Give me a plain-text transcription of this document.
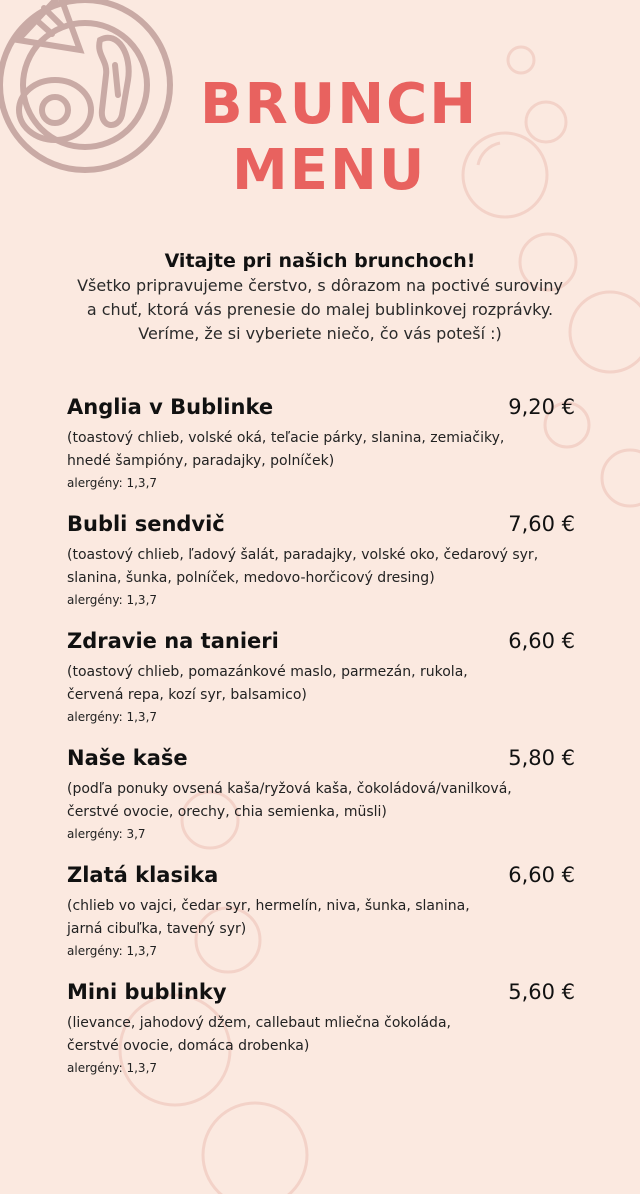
BRUNCH
MENU
Vitajte pri našich brunchoch!
Všetko pripravujeme čerstvo, s dôrazom na poctivé suroviny
a chuť, ktorá vás prenesie do malej bublinkovej rozprávky.
Veríme, že si vyberiete niečo, čo vás poteší :)
Anglia v Bublinke	9,20 €
(toastový chlieb, volské oká, teľacie párky, slanina, zemiačiky,
hnedé šampióny, paradajky, polníček)
alergény: 1,3,7
Bubli sendvič	7,60 €
(toastový chlieb, ľadový šalát, paradajky, volské oko, čedarový syr,
slanina, šunka, polníček, medovo-horčicový dresing)
alergény: 1,3,7
Zdravie na tanieri	6,60 €
(toastový chlieb, pomazánkové maslo, parmezán, rukola,
červená repa, kozí syr, balsamico)
alergény: 1,3,7
Naše kaše	5,80 €
(podľa ponuky ovsená kaša/ryžová kaša, čokoládová/vanilková,
čerstvé ovocie, orechy, chia semienka, müsli)
alergény: 3,7
Zlatá klasika	6,60 €
(chlieb vo vajci, čedar syr, hermelín, niva, šunka, slanina,
jarná cibuľka, tavený syr)
alergény: 1,3,7
Mini bublinky	5,60 €
(lievance, jahodový džem, callebaut mliečna čokoláda,
čerstvé ovocie, domáca drobenka)
alergény: 1,3,7
